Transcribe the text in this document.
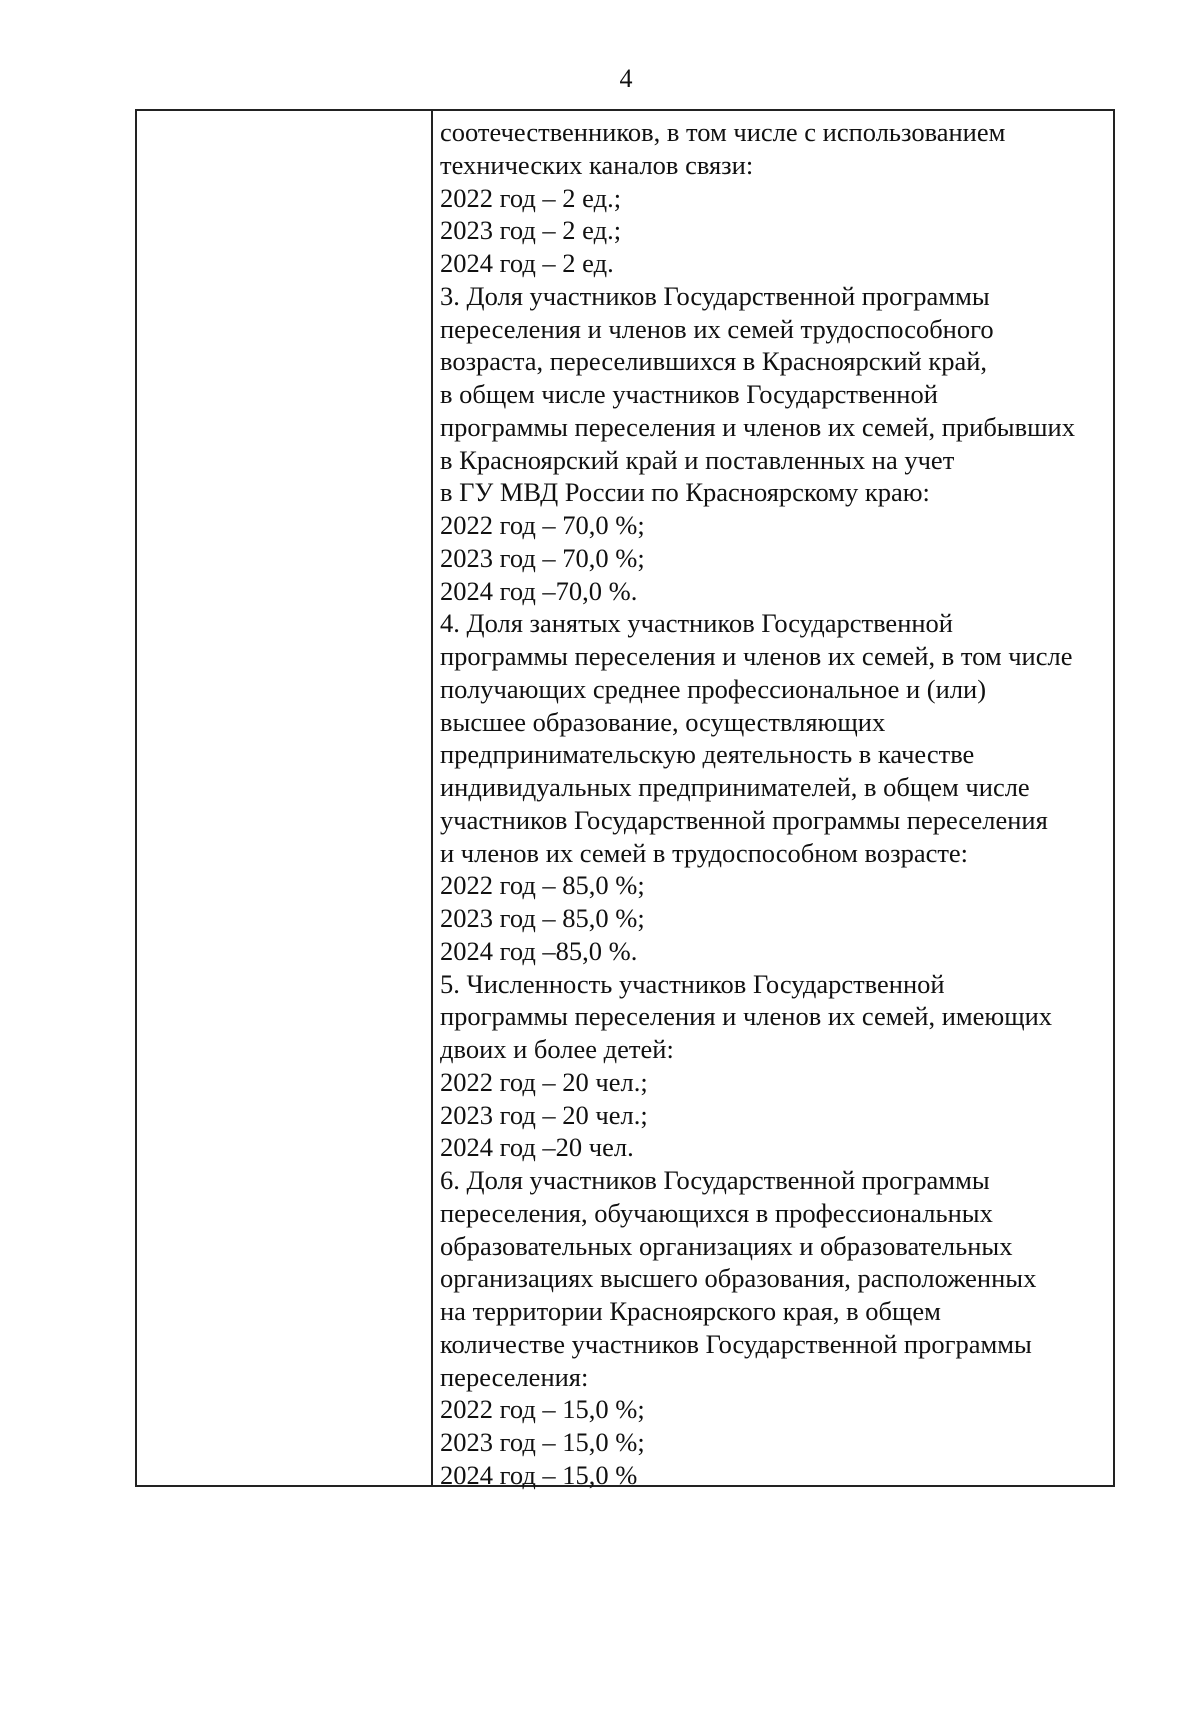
4
соотечественников, в том числе с использованием
технических каналов связи:
2022 год – 2 ед.;
2023 год – 2 ед.;
2024 год – 2 ед.
3. Доля участников Государственной программы
переселения и членов их семей трудоспособного
возраста, переселившихся в Красноярский край,
в общем числе участников Государственной
программы переселения и членов их семей, прибывших
в Красноярский край и поставленных на учет
в ГУ МВД России по Красноярскому краю:
2022 год – 70,0 %;
2023 год – 70,0 %;
2024 год –70,0 %.
4. Доля занятых участников Государственной
программы переселения и членов их семей, в том числе
получающих среднее профессиональное и (или)
высшее образование, осуществляющих
предпринимательскую деятельность в качестве
индивидуальных предпринимателей, в общем числе
участников Государственной программы переселения
и членов их семей в трудоспособном возрасте:
2022 год – 85,0 %;
2023 год – 85,0 %;
2024 год –85,0 %.
5. Численность участников Государственной
программы переселения и членов их семей, имеющих
двоих и более детей:
2022 год – 20 чел.;
2023 год – 20 чел.;
2024 год –20 чел.
6. Доля участников Государственной программы
переселения, обучающихся в профессиональных
образовательных организациях и образовательных
организациях высшего образования, расположенных
на территории Красноярского края, в общем
количестве участников Государственной программы
переселения:
2022 год – 15,0 %;
2023 год – 15,0 %;
2024 год – 15,0 %
